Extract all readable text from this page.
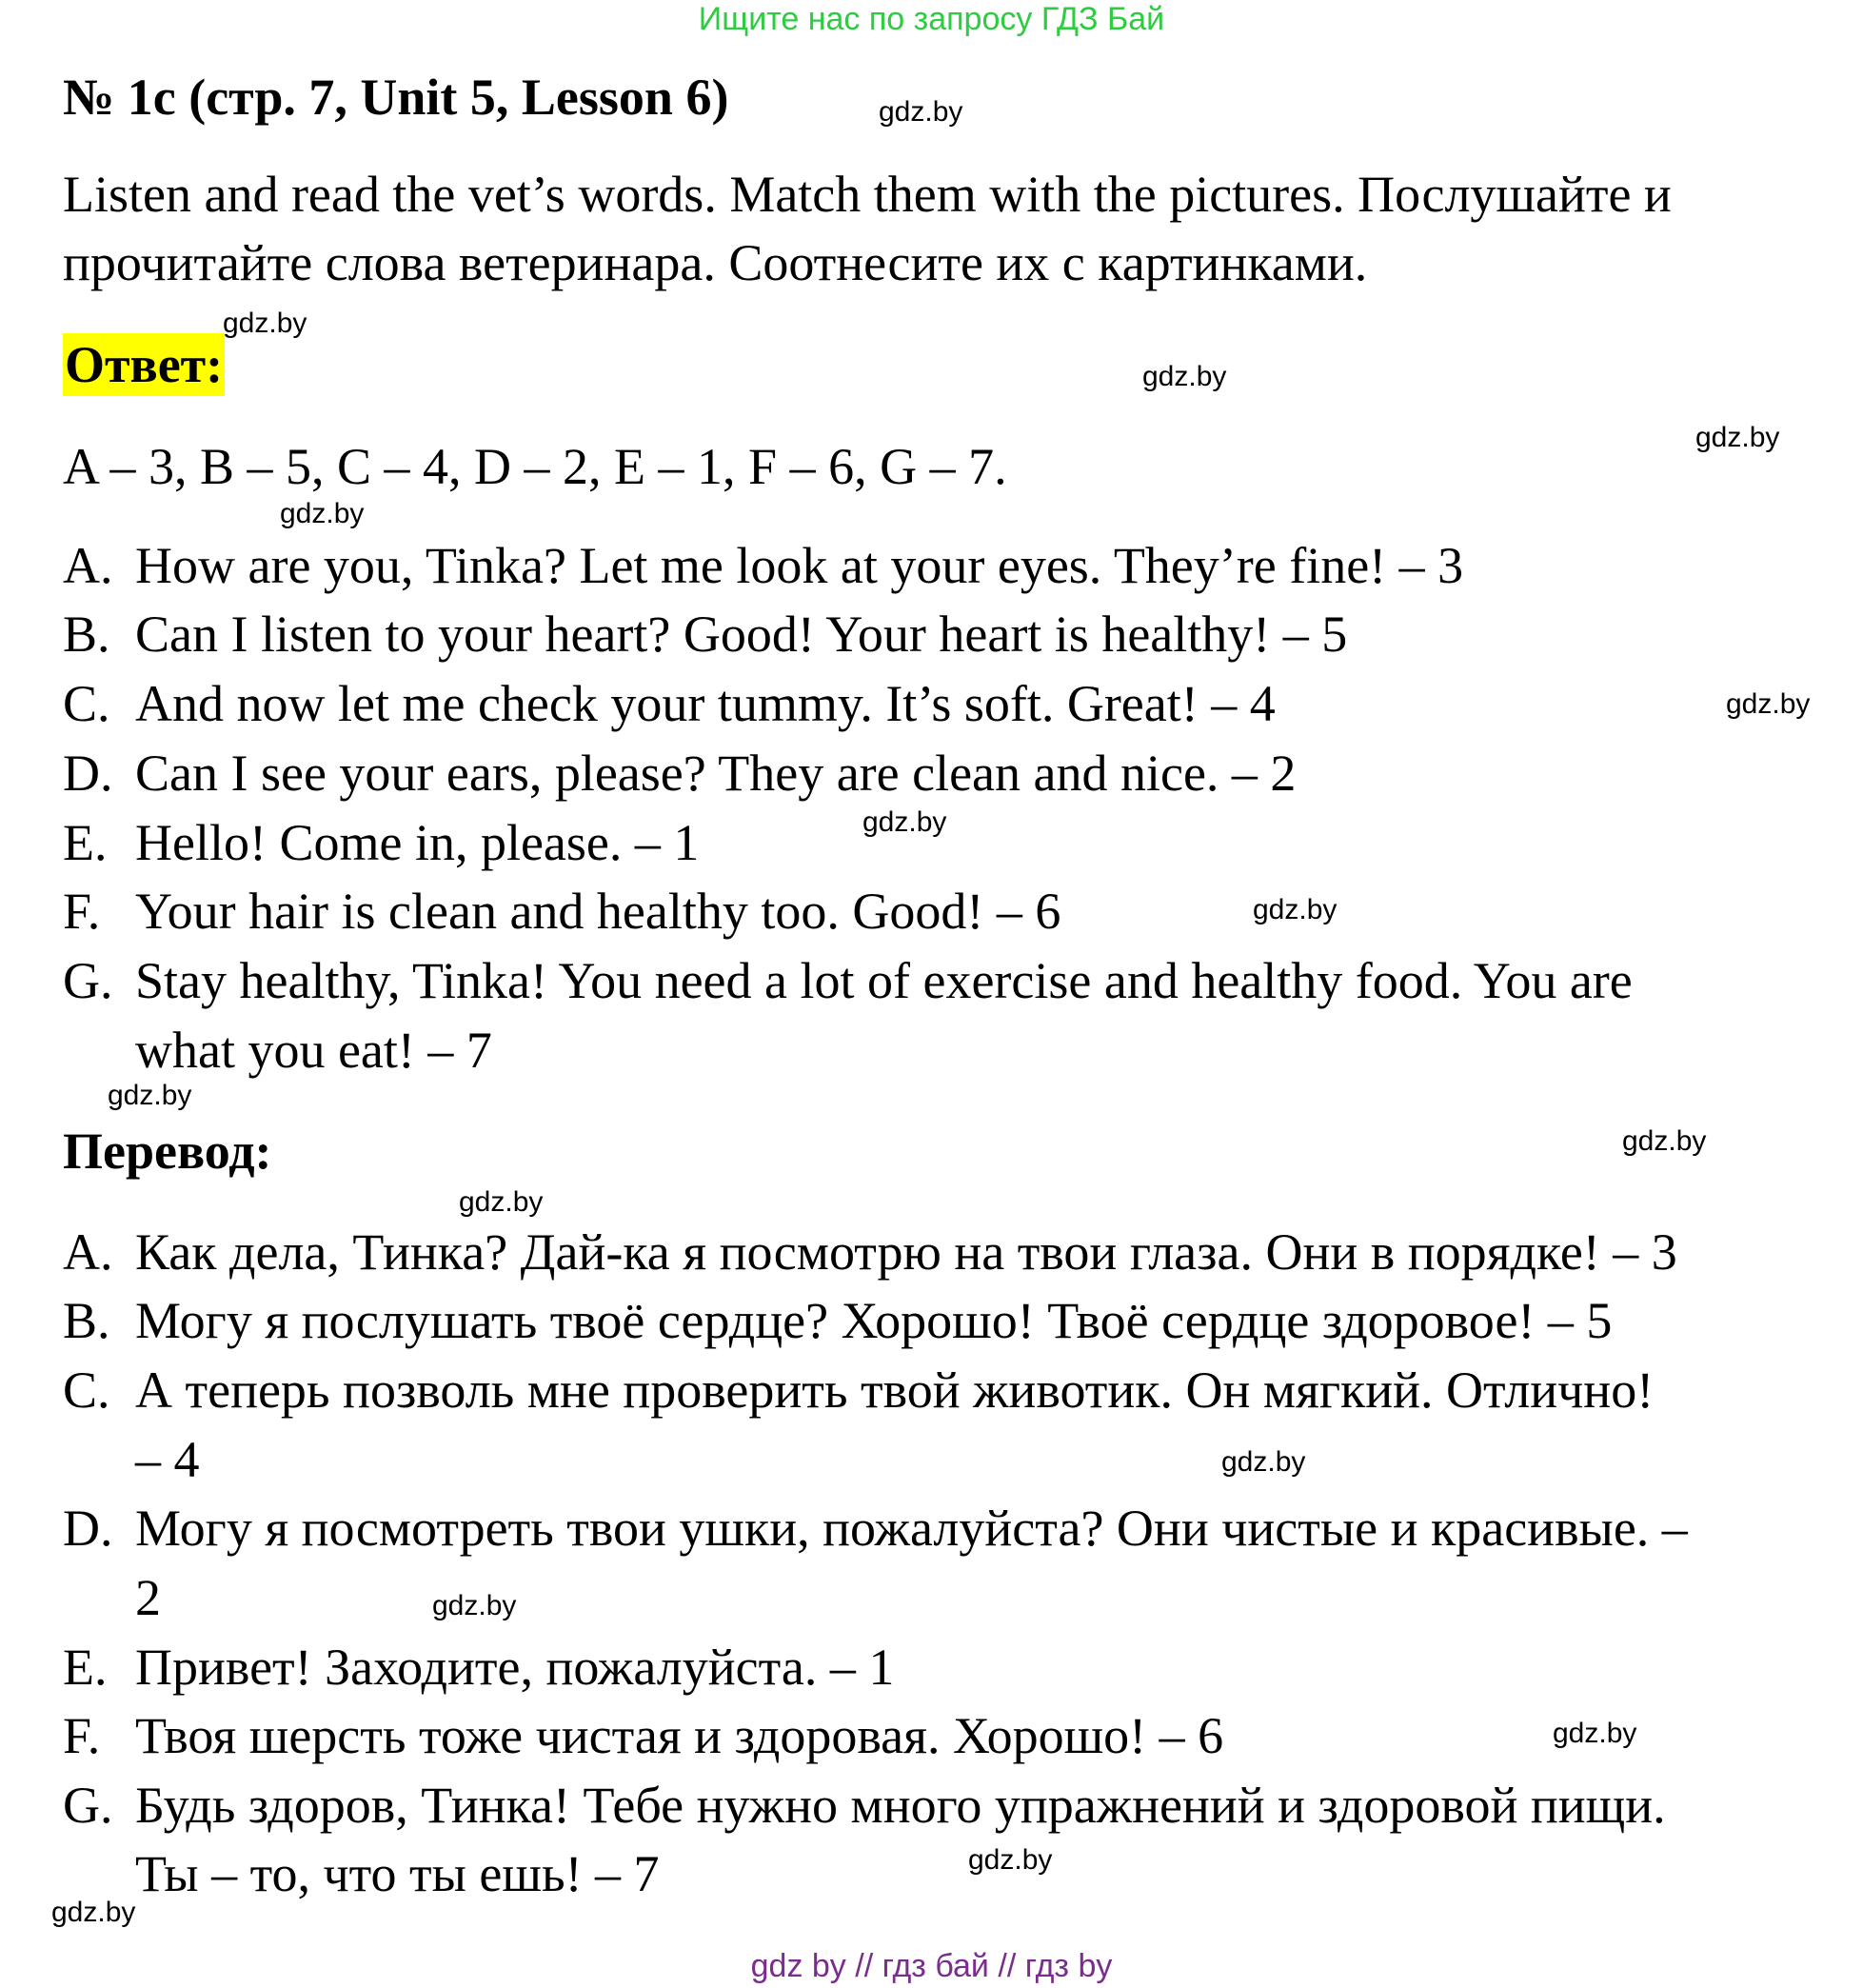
Ищите нас по запросу ГДЗ Бай
№ 1c (стр. 7, Unit 5, Lesson 6)
Listen and read the vet’s words. Match them with the pictures. Послушайте и
прочитайте слова ветеринара. Соотнесите их с картинками.
Ответ:
A – 3, B – 5, C – 4, D – 2, E – 1, F – 6, G – 7.
A. How are you, Tinka? Let me look at your eyes. They’re fine! – 3
B. Can I listen to your heart? Good! Your heart is healthy! – 5
C. And now let me check your tummy. It’s soft. Great! – 4
D. Can I see your ears, please? They are clean and nice. – 2
E. Hello! Come in, please. – 1
F. Your hair is clean and healthy too. Good! – 6
G. Stay healthy, Tinka! You need a lot of exercise and healthy food. You are
what you eat! – 7
Перевод:
A. Как дела, Тинка? Дай-ка я посмотрю на твои глаза. Они в порядке! – 3
B. Могу я послушать твоё сердце? Хорошо! Твоё сердце здоровое! – 5
C. А теперь позволь мне проверить твой животик. Он мягкий. Отлично!
– 4
D. Могу я посмотреть твои ушки, пожалуйста? Они чистые и красивые. –
2
E. Привет! Заходите, пожалуйста. – 1
F. Твоя шерсть тоже чистая и здоровая. Хорошо! – 6
G. Будь здоров, Тинка! Тебе нужно много упражнений и здоровой пищи.
Ты – то, что ты ешь! – 7
gdz.by
gdz.by
gdz.by
gdz.by
gdz.by
gdz.by
gdz.by
gdz.by
gdz.by
gdz.by
gdz.by
gdz.by
gdz.by
gdz.by
gdz.by
gdz.by
gdz by // гдз бай // гдз by
